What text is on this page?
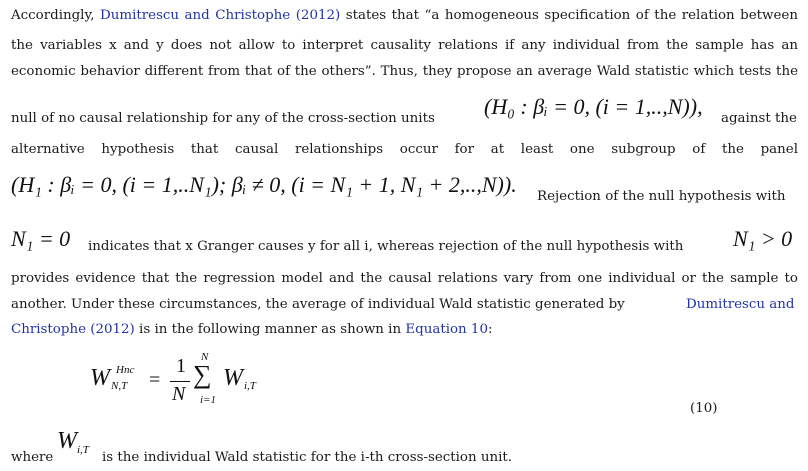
Accordingly, Dumitrescu and Christophe (2012) states that “a homogeneous specification of the relation between
the variables x and y does not allow to interpret causality relations if any individual from the sample has an
economic behavior different from that of the others”. Thus, they propose an average Wald statistic which tests the
null of no causal relationship for any of the cross-section units (H₀ : βᵢ = 0, (i = 1,..,N)), against the
alternative hypothesis that causal relationships occur for at least one subgroup of the panel
(H₁ : βᵢ = 0, (i = 1,..N₁); βᵢ ≠ 0, (i = N₁ + 1, N₁ + 2,..,N)). Rejection of the null hypothesis with
N₁ = 0 indicates that x Granger causes y for all i, whereas rejection of the null hypothesis with N₁ > 0
provides evidence that the regression model and the causal relations vary from one individual or the sample to
another. Under these circumstances, the average of individual Wald statistic generated by	Dumitrescu and
Christophe (2012) is in the following manner as shown in Equation 10:
W Hnc
N,T =
1
N
N
∑
i=1
W i,T
(10)
where
W i,T is the individual Wald statistic for the i-th cross-section unit.
